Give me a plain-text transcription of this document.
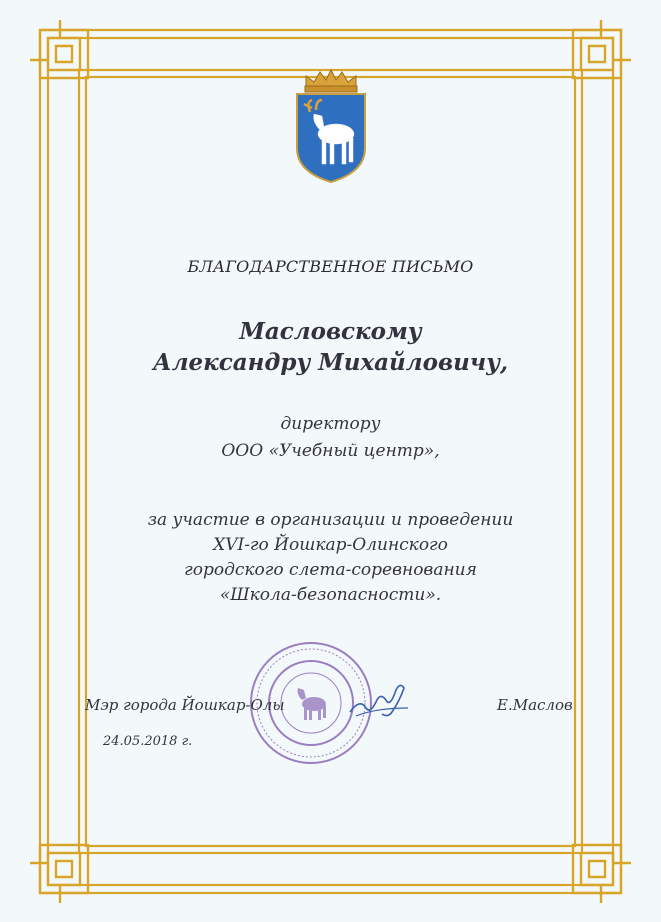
БЛАГОДАРСТВЕННОЕ ПИСЬМО
Масловскому
Александру Михайловичу,
директору
ООО «Учебный центр»,
за участие в организации и проведении
XVI-го Йошкар-Олинского
городского слета-соревнования
«Школа-безопасности».
Мэр города Йошкар-Олы	Е.Маслов
24.05.2018 г.
